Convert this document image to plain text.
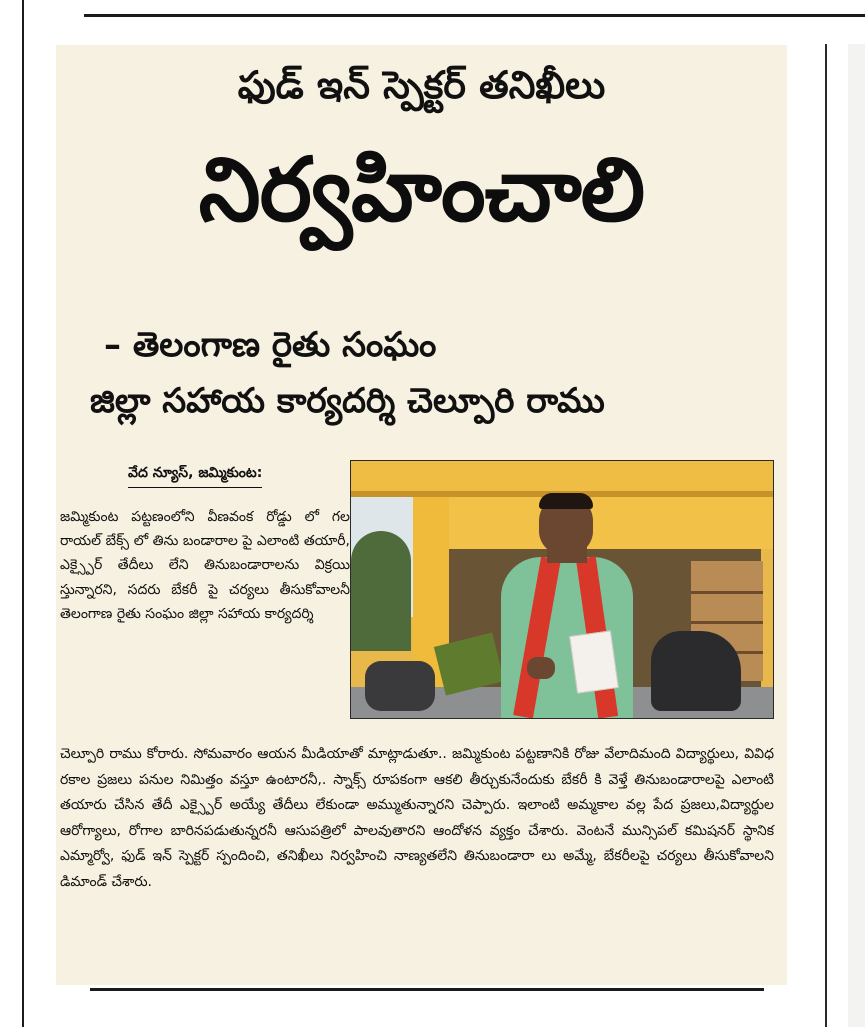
ఫుడ్ ఇన్ స్పెక్టర్ తనిఖీలు
నిర్వహించాలి
– తెలంగాణ రైతు సంఘం
జిల్లా సహాయ కార్యదర్శి చెల్పూరి రాము
వేద న్యూస్, జమ్మికుంట:
జమ్మికుంట పట్టణంలోని వీణవంక రోడ్డు లో గల రాయల్ బేక్స్ లో తిను బండారాల పై ఎలాంటి తయారీ, ఎక్స్పైర్ తేదీలు లేని తినుబండారాలను విక్రయి స్తున్నారని, సదరు బేకరీ పై చర్యలు తీసుకోవాలనీ తెలంగాణ రైతు సంఘం జిల్లా సహాయ కార్యదర్శి
చెల్పూరి రాము కోరారు. సోమవారం ఆయన మీడియాతో మాట్లాడుతూ.. జమ్మికుంట పట్టణానికి రోజు వేలాదిమంది విద్యార్థులు, వివిధ రకాల ప్రజలు పనుల నిమిత్తం వస్తూ ఉంటారనీ,. స్నాక్స్ రూపకంగా ఆకలి తీర్చుకునేందుకు బేకరీ కి వెళ్తే తినుబండారాలపై ఎలాంటి తయారు చేసిన తేదీ ఎక్స్పైర్ అయ్యే తేదీలు లేకుండా అమ్ముతున్నారని చెప్పారు. ఇలాంటి అమ్మకాల వల్ల పేద ప్రజలు,విద్యార్థుల ఆరోగ్యాలు, రోగాల బారినపడుతున్నరనీ ఆసుపత్రిలో పాలవుతారని ఆందోళన వ్యక్తం చేశారు. వెంటనే మున్సిపల్ కమిషనర్ స్థానిక ఎమ్మార్వో, ఫుడ్ ఇన్ స్పెక్టర్ స్పందించి, తనిఖీలు నిర్వహించి నాణ్యతలేని తినుబండారా లు అమ్మే, బేకరీలపై చర్యలు తీసుకోవాలని డిమాండ్ చేశారు.
